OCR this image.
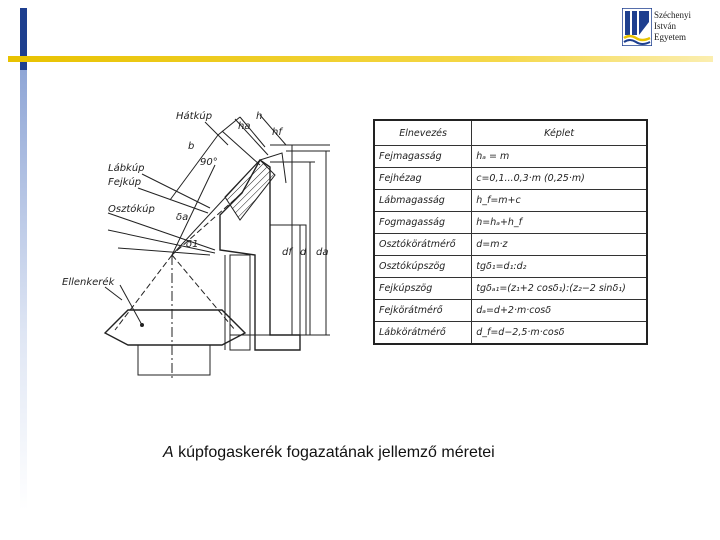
Széchenyi
István
Egyetem
Hátkúp
Lábkúp
Fejkúp
Osztókúp
Ellenkerék
b
ha
h
hf
90°
δa
δ1
df d da
Elnevezés	Képlet
Fejmagasság	hₐ = m
Fejhézag	c=0,1...0,3·m (0,25·m)
Lábmagasság	h_f=m+c
Fogmagasság	h=hₐ+h_f
Osztókörátmérő	d=m·z
Osztókúpszög	tgδ₁=d₁:d₂
Fejkúpszög	tgδₐ₁=(z₁+2 cosδ₁):(z₂−2 sinδ₁)
Fejkörátmérő	dₐ=d+2·m·cosδ
Lábkörátmérő	d_f=d−2,5·m·cosδ
A kúpfogaskerék fogazatának jellemző méretei
